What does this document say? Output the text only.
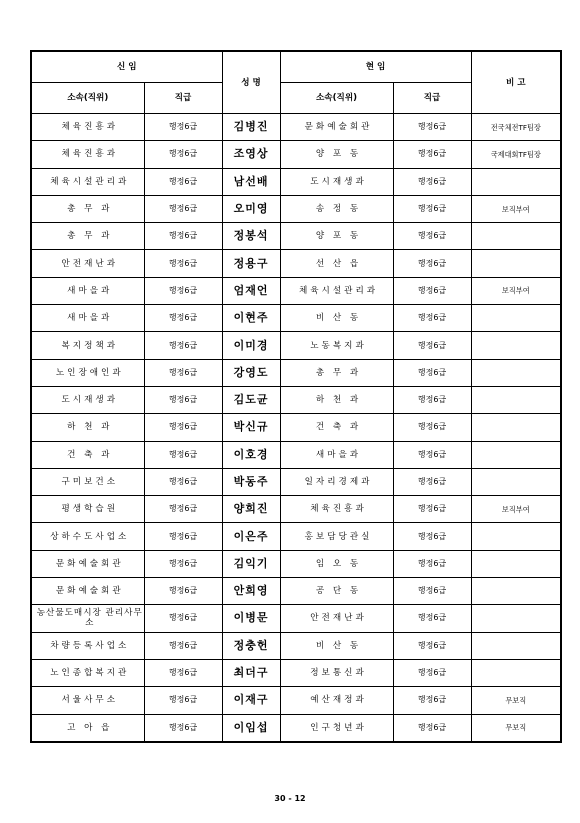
신 임		성 명	현 임		비 고
소속(직위)	직급		소속(직위)	직급	
체육진흥과	행정6급	김병진	문화예술회관	행정6급	전국체전TF팀장
체육진흥과	행정6급	조영상	양 포 동	행정6급	국제대회TF팀장
체육시설관리과	행정6급	남선배	도시재생과	행정6급	
총 무 과	행정6급	오미영	송 정 동	행정6급	보직부여
총 무 과	행정6급	정봉석	양 포 동	행정6급	
안전재난과	행정6급	정용구	선 산 읍	행정6급	
새마을과	행정6급	엄재언	체육시설관리과	행정6급	보직부여
새마을과	행정6급	이현주	비 산 동	행정6급	
복지정책과	행정6급	이미경	노동복지과	행정6급	
노인장애인과	행정6급	강영도	총 무 과	행정6급	
도시재생과	행정6급	김도균	하 천 과	행정6급	
하 천 과	행정6급	박신규	건 축 과	행정6급	
건 축 과	행정6급	이호경	새마을과	행정6급	
구미보건소	행정6급	박동주	일자리경제과	행정6급	
평생학습원	행정6급	양희진	체육진흥과	행정6급	보직부여
상하수도사업소	행정6급	이은주	홍보담당관실	행정6급	
문화예술회관	행정6급	김익기	임 오 동	행정6급	
문화예술회관	행정6급	안희영	공 단 동	행정6급	
농산물도매시장 관리사무소	행정6급	이병문	안전재난과	행정6급	
차량등록사업소	행정6급	정충헌	비 산 동	행정6급	
노인종합복지관	행정6급	최더구	정보통신과	행정6급	
서울사무소	행정6급	이재구	예산재정과	행정6급	무보직
고 아 읍	행정6급	이임섭	인구청년과	행정6급	무보직
30 - 12
